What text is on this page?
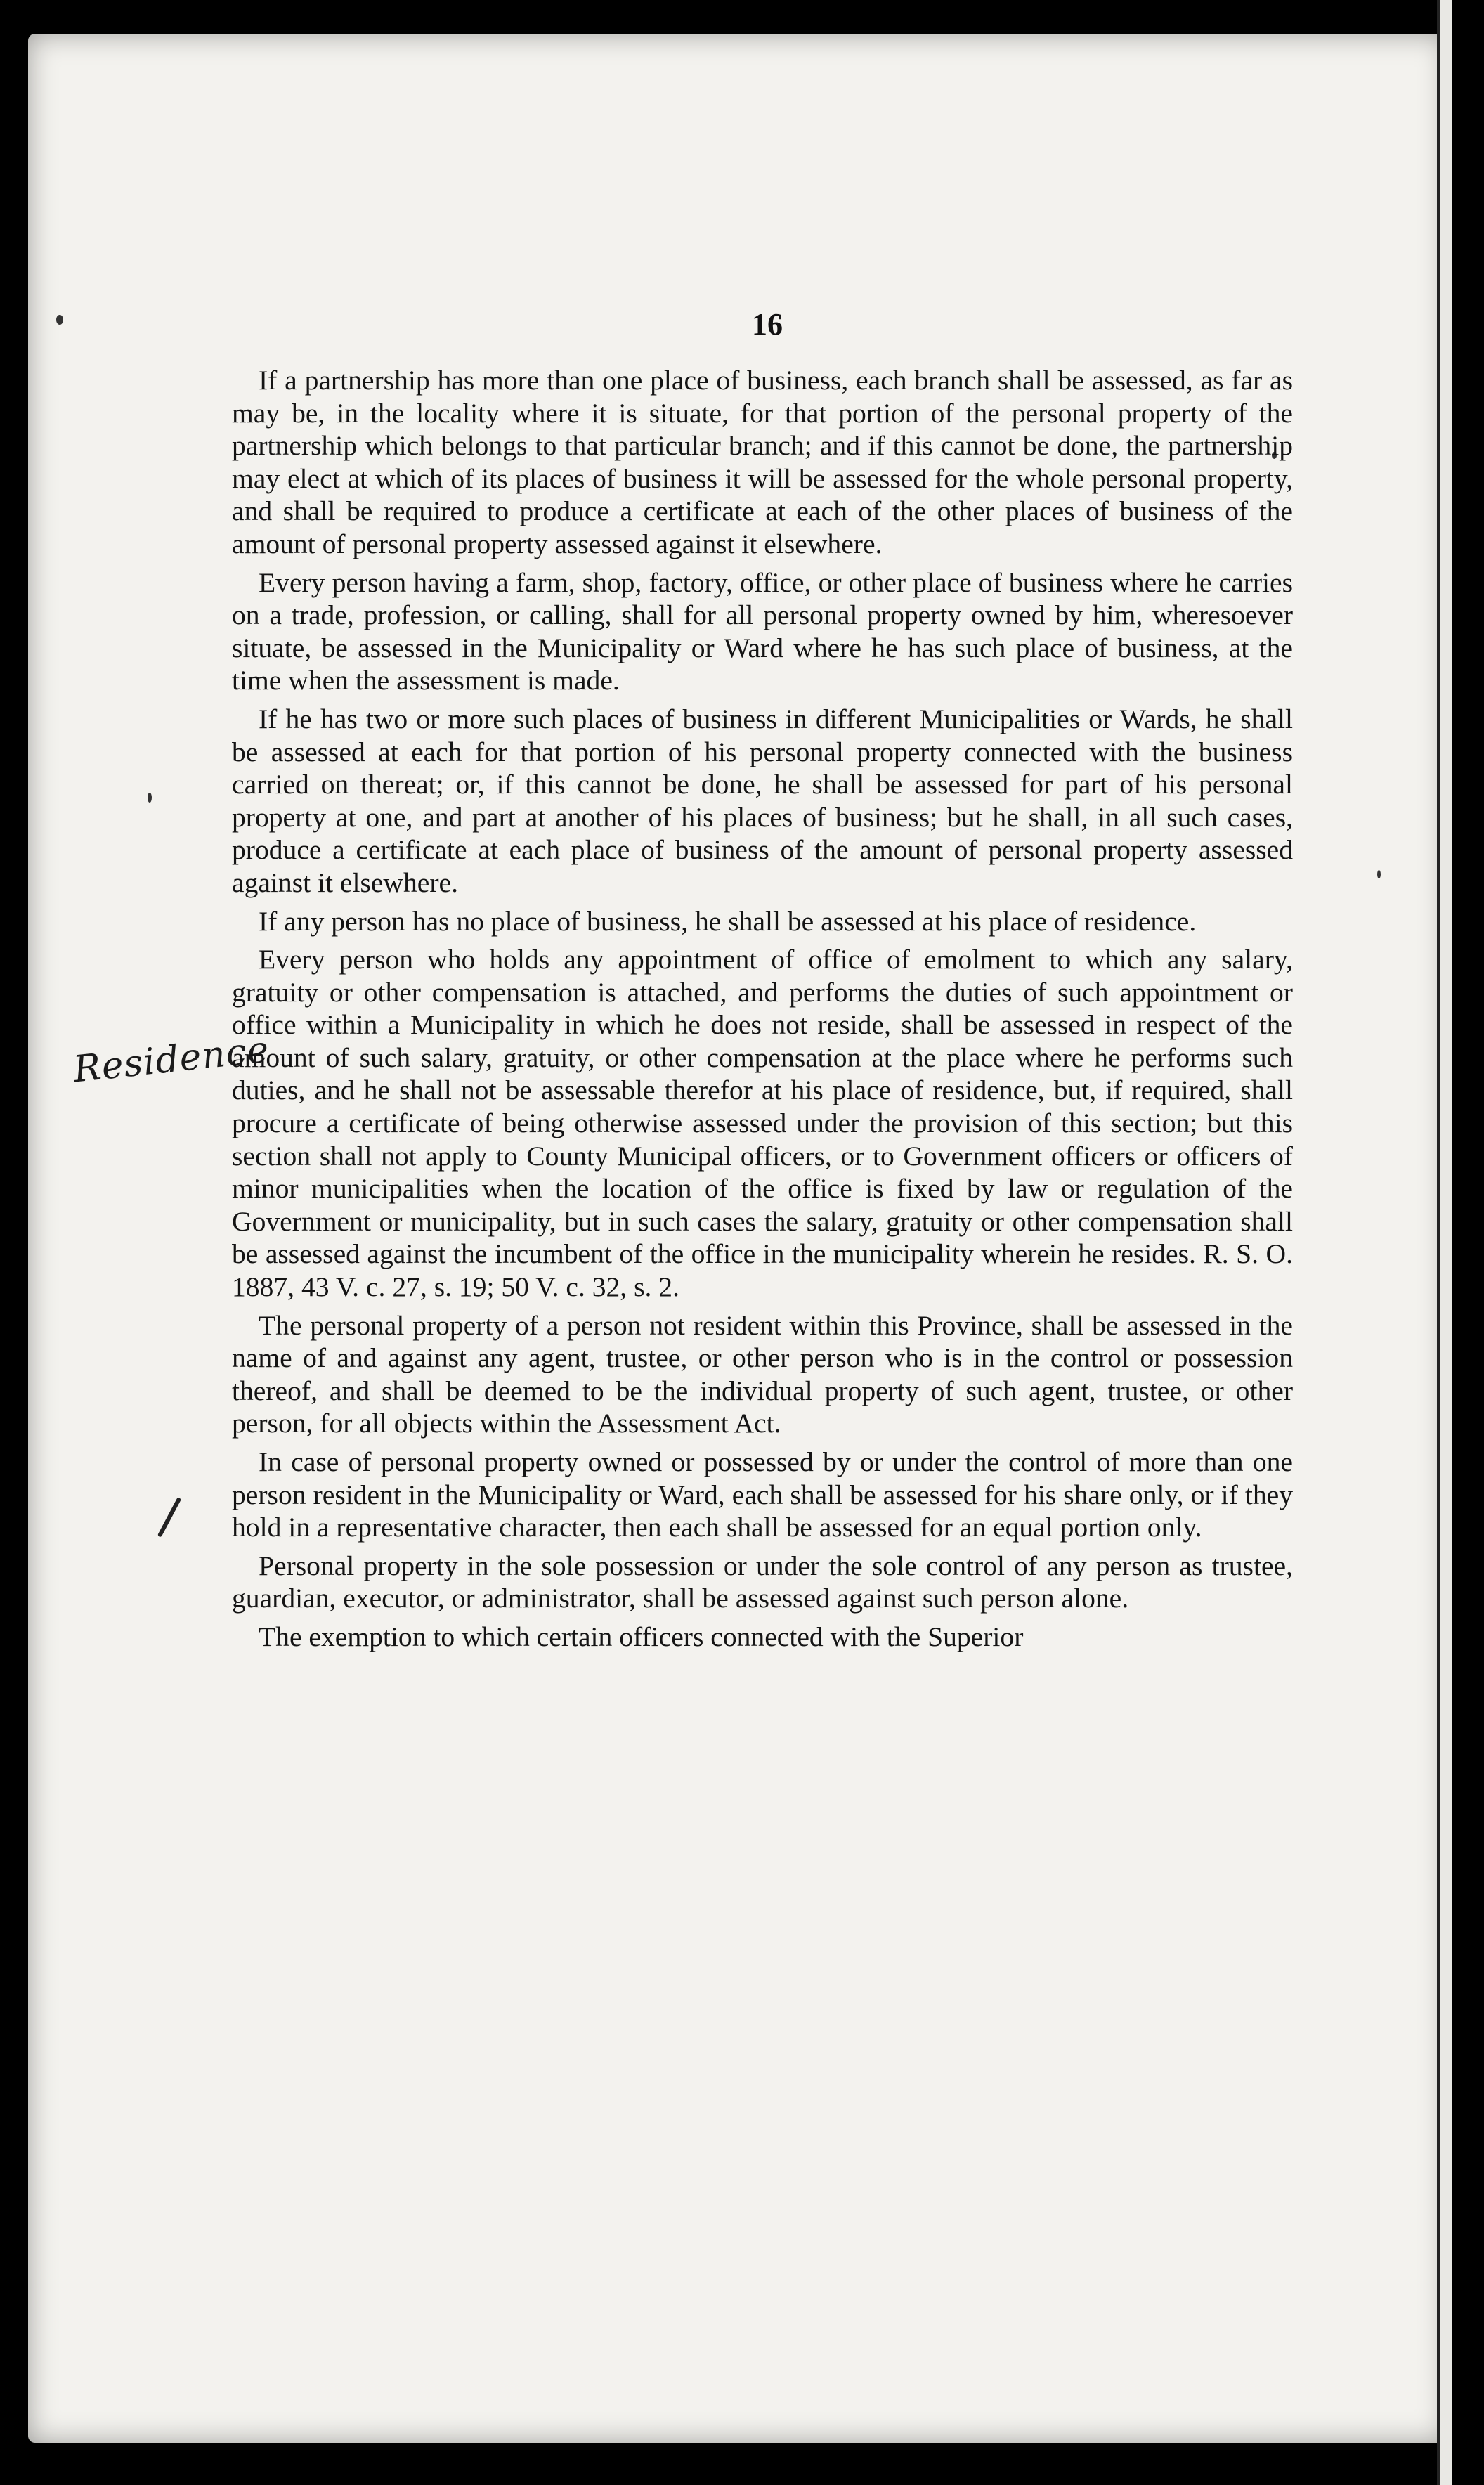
16
Residence

If a partnership has more than one place of business, each branch shall be assessed, as far as may be, in the locality where it is situate, for that portion of the personal property of the partnership which belongs to that particular branch; and if this cannot be done, the partnership may elect at which of its places of business it will be assessed for the whole personal property, and shall be required to produce a certificate at each of the other places of business of the amount of personal property assessed against it elsewhere.

Every person having a farm, shop, factory, office, or other place of business where he carries on a trade, profession, or calling, shall for all personal property owned by him, wheresoever situate, be assessed in the Municipality or Ward where he has such place of business, at the time when the assessment is made.

If he has two or more such places of business in different Municipalities or Wards, he shall be assessed at each for that portion of his personal property connected with the business carried on thereat; or, if this cannot be done, he shall be assessed for part of his personal property at one, and part at another of his places of business; but he shall, in all such cases, produce a certificate at each place of business of the amount of personal property assessed against it elsewhere.

If any person has no place of business, he shall be assessed at his place of residence.

Every person who holds any appointment of office of emolment to which any salary, gratuity or other compensation is attached, and performs the duties of such appointment or office within a Municipality in which he does not reside, shall be assessed in respect of the amount of such salary, gratuity, or other compensation at the place where he performs such duties, and he shall not be assessable therefor at his place of residence, but, if required, shall procure a certificate of being otherwise assessed under the provision of this section; but this section shall not apply to County Municipal officers, or to Government officers or officers of minor municipalities when the location of the office is fixed by law or regulation of the Government or municipality, but in such cases the salary, gratuity or other compensation shall be assessed against the incumbent of the office in the municipality wherein he resides. R. S. O. 1887, 43 V. c. 27, s. 19; 50 V. c. 32, s. 2.

The personal property of a person not resident within this Province, shall be assessed in the name of and against any agent, trustee, or other person who is in the control or possession thereof, and shall be deemed to be the individual property of such agent, trustee, or other person, for all objects within the Assessment Act.

In case of personal property owned or possessed by or under the control of more than one person resident in the Municipality or Ward, each shall be assessed for his share only, or if they hold in a representative character, then each shall be assessed for an equal portion only.

Personal property in the sole possession or under the sole control of any person as trustee, guardian, executor, or administrator, shall be assessed against such person alone.

The exemption to which certain officers connected with the Superior
